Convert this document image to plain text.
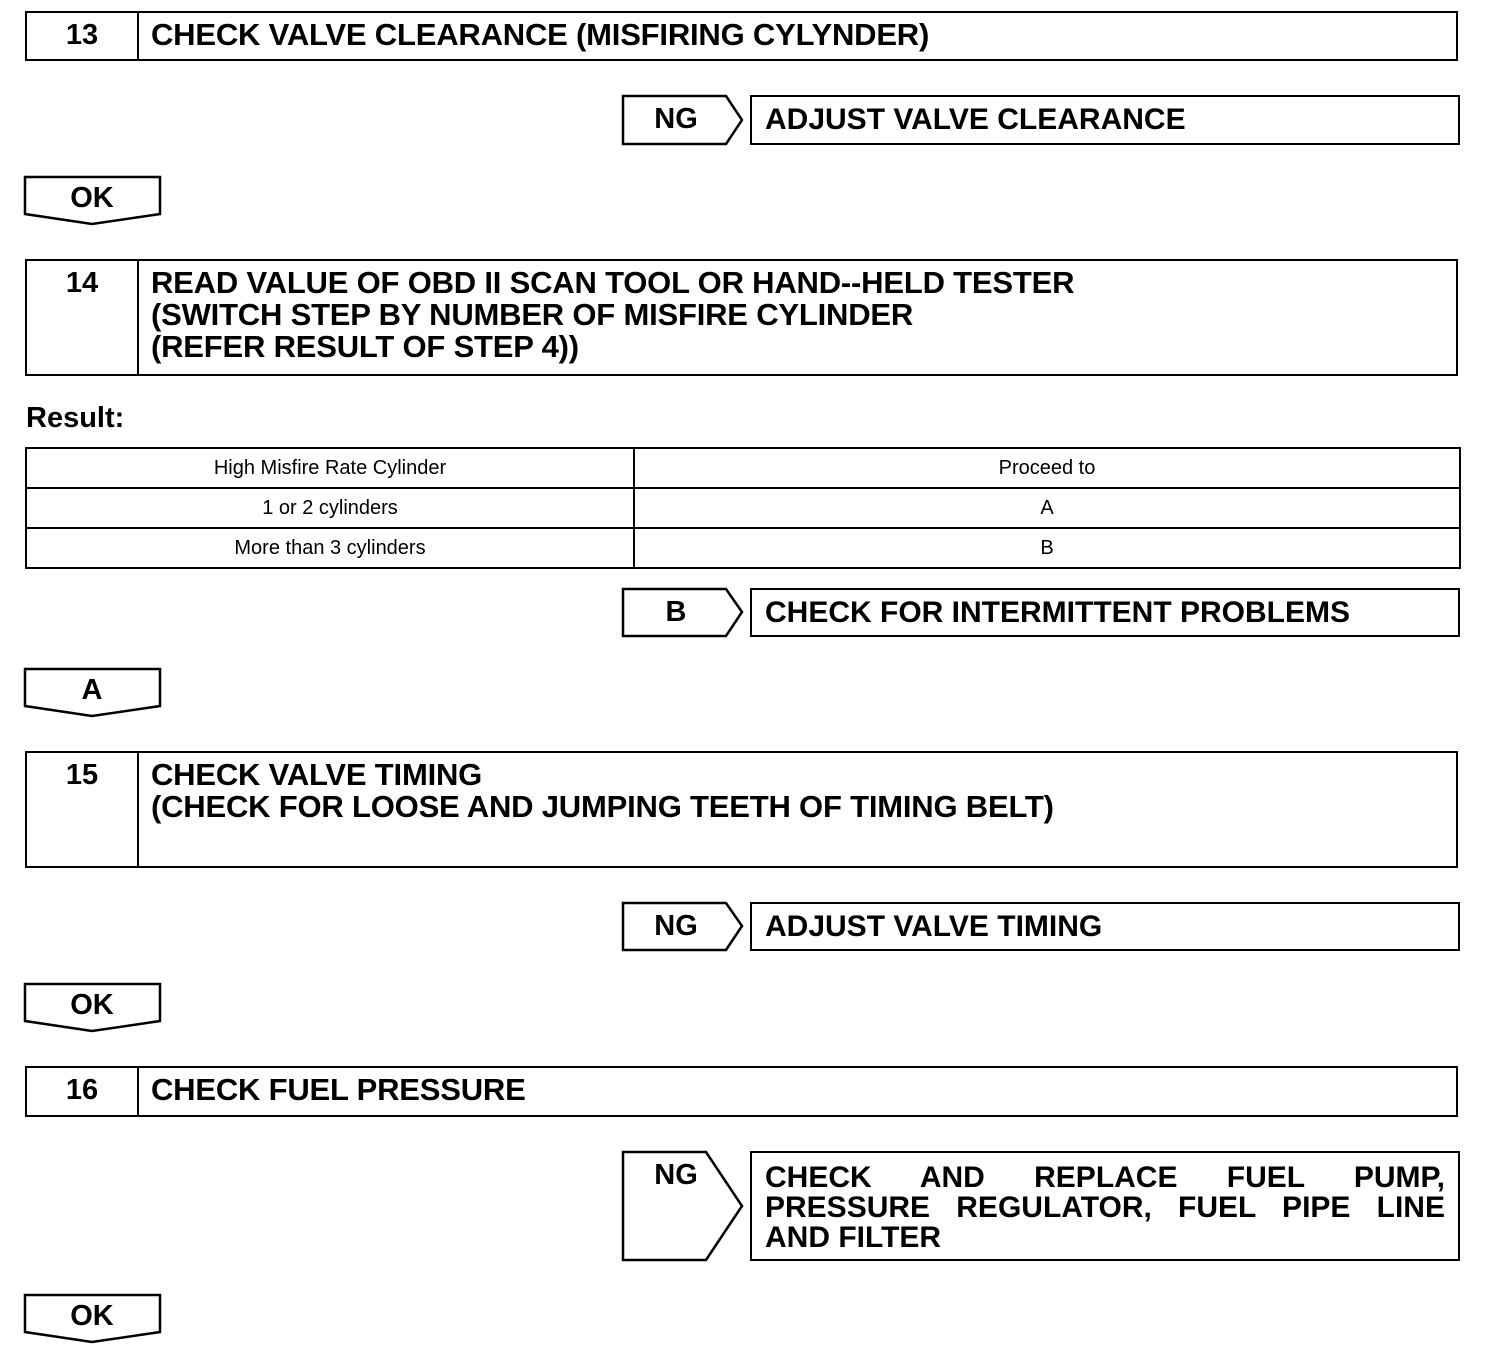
13	CHECK VALVE CLEARANCE (MISFIRING CYLYNDER)
NG	ADJUST VALVE CLEARANCE
OK
14	READ VALUE OF OBD II SCAN TOOL OR HAND--HELD TESTER
(SWITCH STEP BY NUMBER OF MISFIRE CYLINDER
(REFER RESULT OF STEP 4))
Result:
High Misfire Rate Cylinder	Proceed to
1 or 2 cylinders	A
More than 3 cylinders	B
B	CHECK FOR INTERMITTENT PROBLEMS
A
15	CHECK VALVE TIMING
(CHECK FOR LOOSE AND JUMPING TEETH OF TIMING BELT)
NG	ADJUST VALVE TIMING
OK
16	CHECK FUEL PRESSURE
NG	CHECK AND REPLACE FUEL PUMP, PRESSURE REGULATOR, FUEL PIPE LINE AND FILTER
OK
